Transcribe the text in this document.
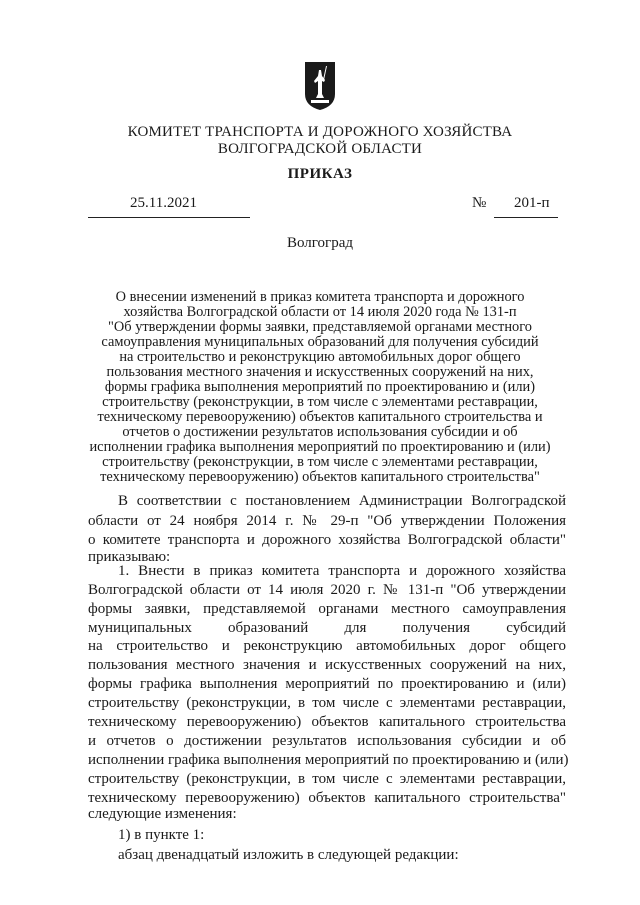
КОМИТЕТ ТРАНСПОРТА И ДОРОЖНОГО ХОЗЯЙСТВА
ВОЛГОГРАДСКОЙ ОБЛАСТИ
ПРИКАЗ
25.11.2021	№ 201-п
Волгоград
О внесении изменений в приказ комитета транспорта и дорожного
хозяйства Волгоградской области от 14 июля 2020 года № 131-п
"Об утверждении формы заявки, представляемой органами местного
самоуправления муниципальных образований для получения субсидий
на строительство и реконструкцию автомобильных дорог общего
пользования местного значения и искусственных сооружений на них,
формы графика выполнения мероприятий по проектированию и (или)
строительству (реконструкции, в том числе с элементами реставрации,
техническому перевооружению) объектов капитального строительства и
отчетов о достижении результатов использования субсидии и об
исполнении графика выполнения мероприятий по проектированию и (или)
строительству (реконструкции, в том числе с элементами реставрации,
техническому перевооружению) объектов капитального строительства"
В соответствии с постановлением Администрации Волгоградской
области от 24 ноября 2014 г. № 29-п "Об утверждении Положения
о комитете транспорта и дорожного хозяйства Волгоградской области"
приказываю:
1. Внести в приказ комитета транспорта и дорожного хозяйства
Волгоградской области от 14 июля 2020 г. № 131-п "Об утверждении
формы заявки, представляемой органами местного самоуправления
муниципальных образований для получения субсидий
на строительство и реконструкцию автомобильных дорог общего
пользования местного значения и искусственных сооружений на них,
формы графика выполнения мероприятий по проектированию и (или)
строительству (реконструкции, в том числе с элементами реставрации,
техническому перевооружению) объектов капитального строительства
и отчетов о достижении результатов использования субсидии и об
исполнении графика выполнения мероприятий по проектированию и (или)
строительству (реконструкции, в том числе с элементами реставрации,
техническому перевооружению) объектов капитального строительства"
следующие изменения:
1) в пункте 1:
абзац двенадцатый изложить в следующей редакции:
